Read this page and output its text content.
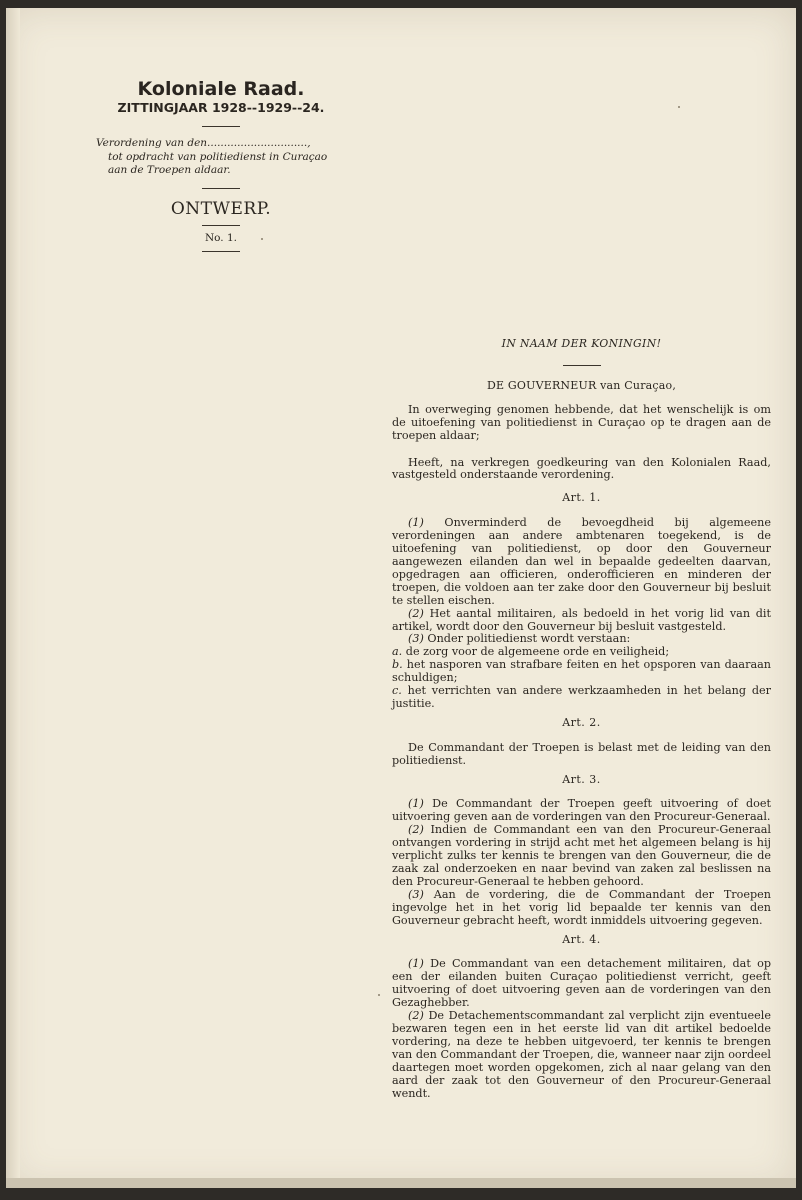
Koloniale Raad.
ZITTINGJAAR 1928--1929--24.
Verordening van den..............................,
tot opdracht van politiedienst in Curaçao
aan de Troepen aldaar.
ONTWERP.
No. 1.

IN NAAM DER KONINGIN!

DE GOUVERNEUR van Curaçao,

In overweging genomen hebbende, dat het wenschelijk is om de uitoefening van politiedienst in Curaçao op te dragen aan de troepen aldaar;

Heeft, na verkregen goedkeuring van den Kolonialen Raad, vastgesteld onderstaande verordening.

Art. 1.

(1) Onverminderd de bevoegdheid bij algemeene verordeningen aan andere ambtenaren toegekend, is de uitoefening van politiedienst, op door den Gouverneur aangewezen eilanden dan wel in bepaalde gedeelten daarvan, opgedragen aan officieren, onderofficieren en minderen der troepen, die voldoen aan ter zake door den Gouverneur bij besluit te stellen eischen.

(2) Het aantal militairen, als bedoeld in het vorig lid van dit artikel, wordt door den Gouverneur bij besluit vastgesteld.

(3) Onder politiedienst wordt verstaan:

a. de zorg voor de algemeene orde en veiligheid;

b. het nasporen van strafbare feiten en het opsporen van daaraan schuldigen;

c. het verrichten van andere werkzaamheden in het belang der justitie.

Art. 2.

De Commandant der Troepen is belast met de leiding van den politiedienst.

Art. 3.

(1) De Commandant der Troepen geeft uitvoering of doet uitvoering geven aan de vorderingen van den Procureur-Generaal.

(2) Indien de Commandant een van den Procureur-Generaal ontvangen vordering in strijd acht met het algemeen belang is hij verplicht zulks ter kennis te brengen van den Gouverneur, die de zaak zal onderzoeken en naar bevind van zaken zal beslissen na den Procureur-Generaal te hebben gehoord.

(3) Aan de vordering, die de Commandant der Troepen ingevolge het in het vorig lid bepaalde ter kennis van den Gouverneur gebracht heeft, wordt inmiddels uitvoering gegeven.

Art. 4.

(1) De Commandant van een detachement militairen, dat op een der eilanden buiten Curaçao politiedienst verricht, geeft uitvoering of doet uitvoering geven aan de vorderingen van den Gezaghebber.

(2) De Detachementscommandant zal verplicht zijn eventueele bezwaren tegen een in het eerste lid van dit artikel bedoelde vordering, na deze te hebben uitgevoerd, ter kennis te brengen van den Commandant der Troepen, die, wanneer naar zijn oordeel daartegen moet worden opgekomen, zich al naar gelang van den aard der zaak tot den Gouverneur of den Procureur-Generaal wendt.
